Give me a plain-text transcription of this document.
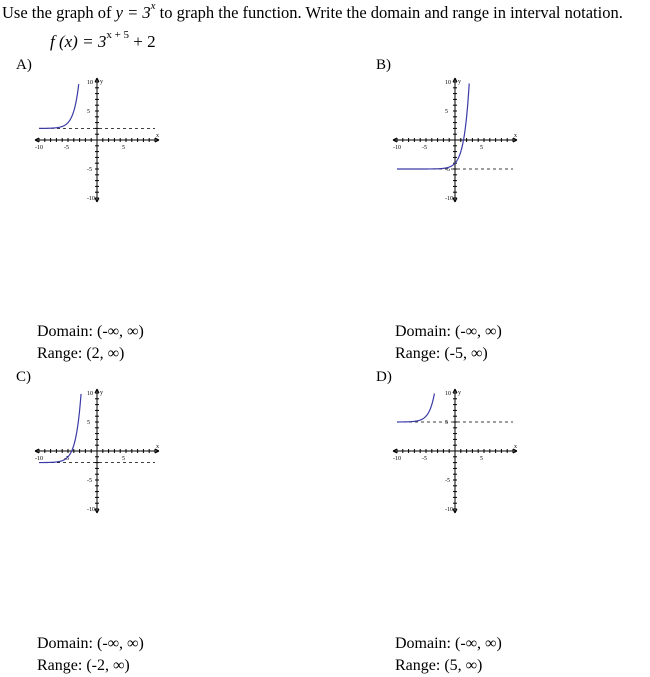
Use the graph of $y = 3^x$ to graph the function. Write the domain and range in interval notation.
f $(x) = 3^{x + 5} + 2$
A)
-10	-5	5
10
5
-5
-10
x
y
Domain: (-∞, ∞)
Range: (2, ∞)
B)
-10	-5	5
10
5
-5
-10
x
y
Domain: (-∞, ∞)
Range: (-5, ∞)
C)
-10	-5	5
10
5
-5
-10
x
y
Domain: (-∞, ∞)
Range: (-2, ∞)
D)
-10	-5	5
10
5
-5
-10
x
y
Domain: (-∞, ∞)
Range: (5, ∞)
